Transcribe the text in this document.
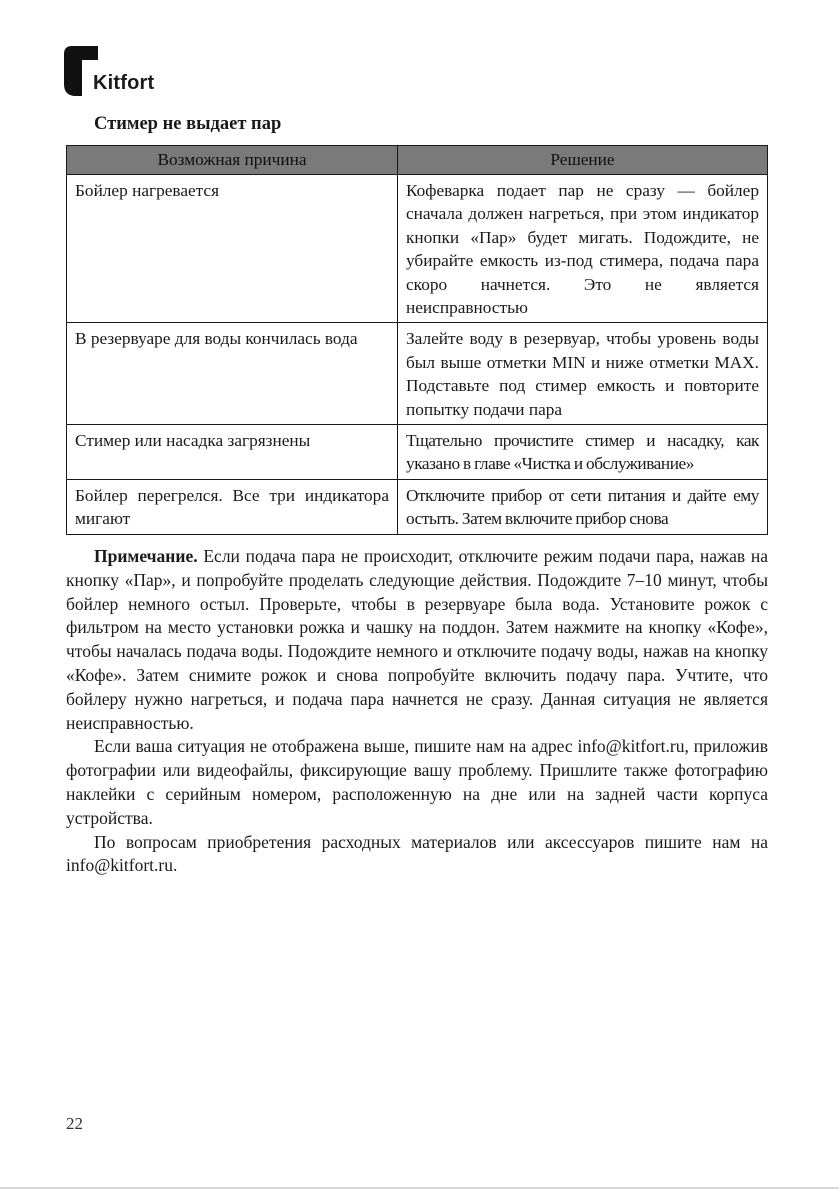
Kitfort
Стимер не выдает пар
Возможная причина	Решение
Бойлер нагревается	Кофеварка подает пар не сразу — бойлер сначала должен нагреться, при этом индикатор кнопки «Пар» будет мигать. Подождите, не убирайте емкость из-под стимера, подача пара скоро начнется. Это не является неисправностью
В резервуаре для воды кончилась вода	Залейте воду в резервуар, чтобы уровень воды был выше отметки MIN и ниже отметки MAX. Подставьте под стимер емкость и повторите попытку подачи пара
Стимер или насадка загрязнены	Тщательно прочистите стимер и насадку, как указано в главе «Чистка и обслуживание»
Бойлер перегрелся. Все три индикатора мигают	Отключите прибор от сети питания и дайте ему остыть. Затем включите прибор снова

Примечание. Если подача пара не происходит, отключите режим подачи пара, нажав на кнопку «Пар», и попробуйте проделать следующие действия. Подождите 7–10 минут, чтобы бойлер немного остыл. Проверьте, чтобы в резервуаре была вода. Установите рожок с фильтром на место установки рожка и чашку на поддон. Затем нажмите на кнопку «Кофе», чтобы началась подача воды. Подождите немного и отключите подачу воды, нажав на кнопку «Кофе». Затем снимите рожок и снова попробуйте включить подачу пара. Учтите, что бойлеру нужно нагреться, и подача пара начнется не сразу. Данная ситуация не является неисправностью.

Если ваша ситуация не отображена выше, пишите нам на адрес info@kitfort.ru, приложив фотографии или видеофайлы, фиксирующие вашу проблему. Пришлите также фотографию наклейки с серийным номером, расположенную на дне или на задней части корпуса устройства.

По вопросам приобретения расходных материалов или аксессуаров пишите нам на info@kitfort.ru.

22
